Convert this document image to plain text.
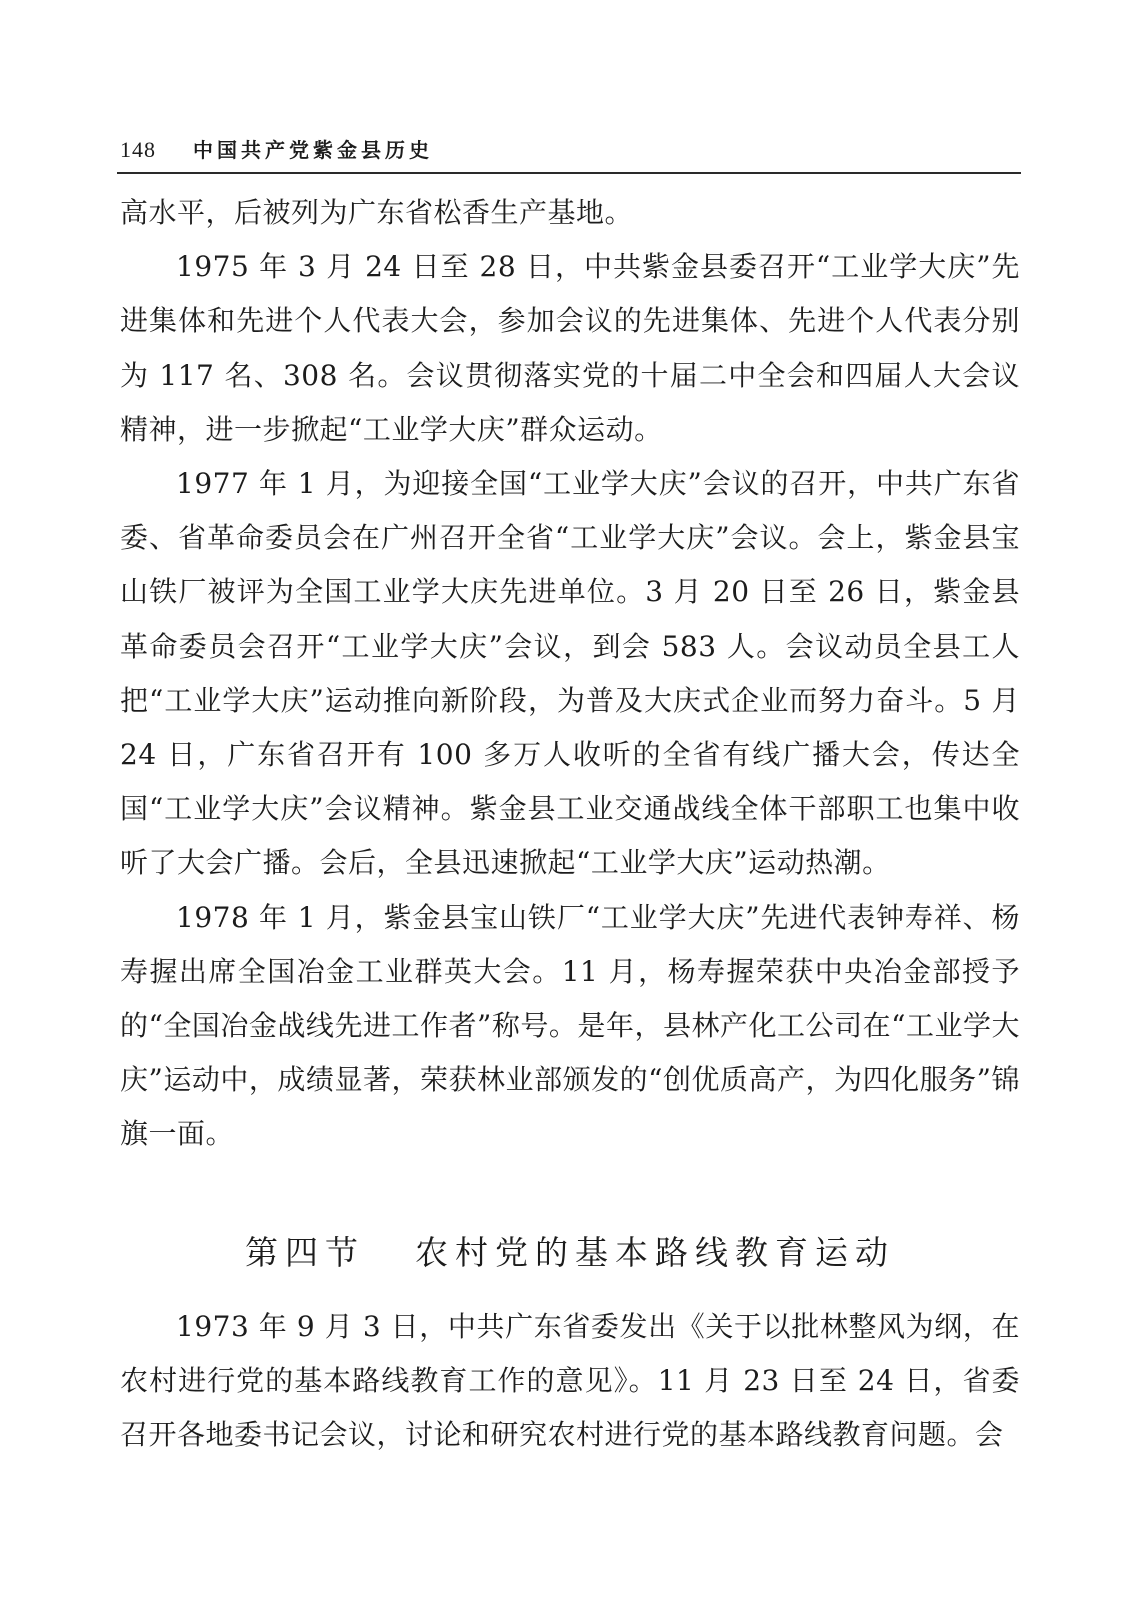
148 中国共产党紫金县历史

高水平，后被列为广东省松香生产基地。

1975 年 3 月 24 日至 28 日，中共紫金县委召开“工业学大庆”先进集体和先进个人代表大会，参加会议的先进集体、先进个人代表分别为 117 名、308 名。会议贯彻落实党的十届二中全会和四届人大会议精神，进一步掀起“工业学大庆”群众运动。

1977 年 1 月，为迎接全国“工业学大庆”会议的召开，中共广东省委、省革命委员会在广州召开全省“工业学大庆”会议。会上，紫金县宝山铁厂被评为全国工业学大庆先进单位。3 月 20 日至 26 日，紫金县革命委员会召开“工业学大庆”会议，到会 583 人。会议动员全县工人把“工业学大庆”运动推向新阶段，为普及大庆式企业而努力奋斗。5 月 24 日，广东省召开有 100 多万人收听的全省有线广播大会，传达全国“工业学大庆”会议精神。紫金县工业交通战线全体干部职工也集中收听了大会广播。会后，全县迅速掀起“工业学大庆”运动热潮。

1978 年 1 月，紫金县宝山铁厂“工业学大庆”先进代表钟寿祥、杨寿握出席全国冶金工业群英大会。11 月，杨寿握荣获中央冶金部授予的“全国冶金战线先进工作者”称号。是年，县林产化工公司在“工业学大庆”运动中，成绩显著，荣获林业部颁发的“创优质高产，为四化服务”锦旗一面。

第四节 农村党的基本路线教育运动

1973 年 9 月 3 日，中共广东省委发出《关于以批林整风为纲，在农村进行党的基本路线教育工作的意见》。11 月 23 日至 24 日，省委召开各地委书记会议，讨论和研究农村进行党的基本路线教育问题。会
